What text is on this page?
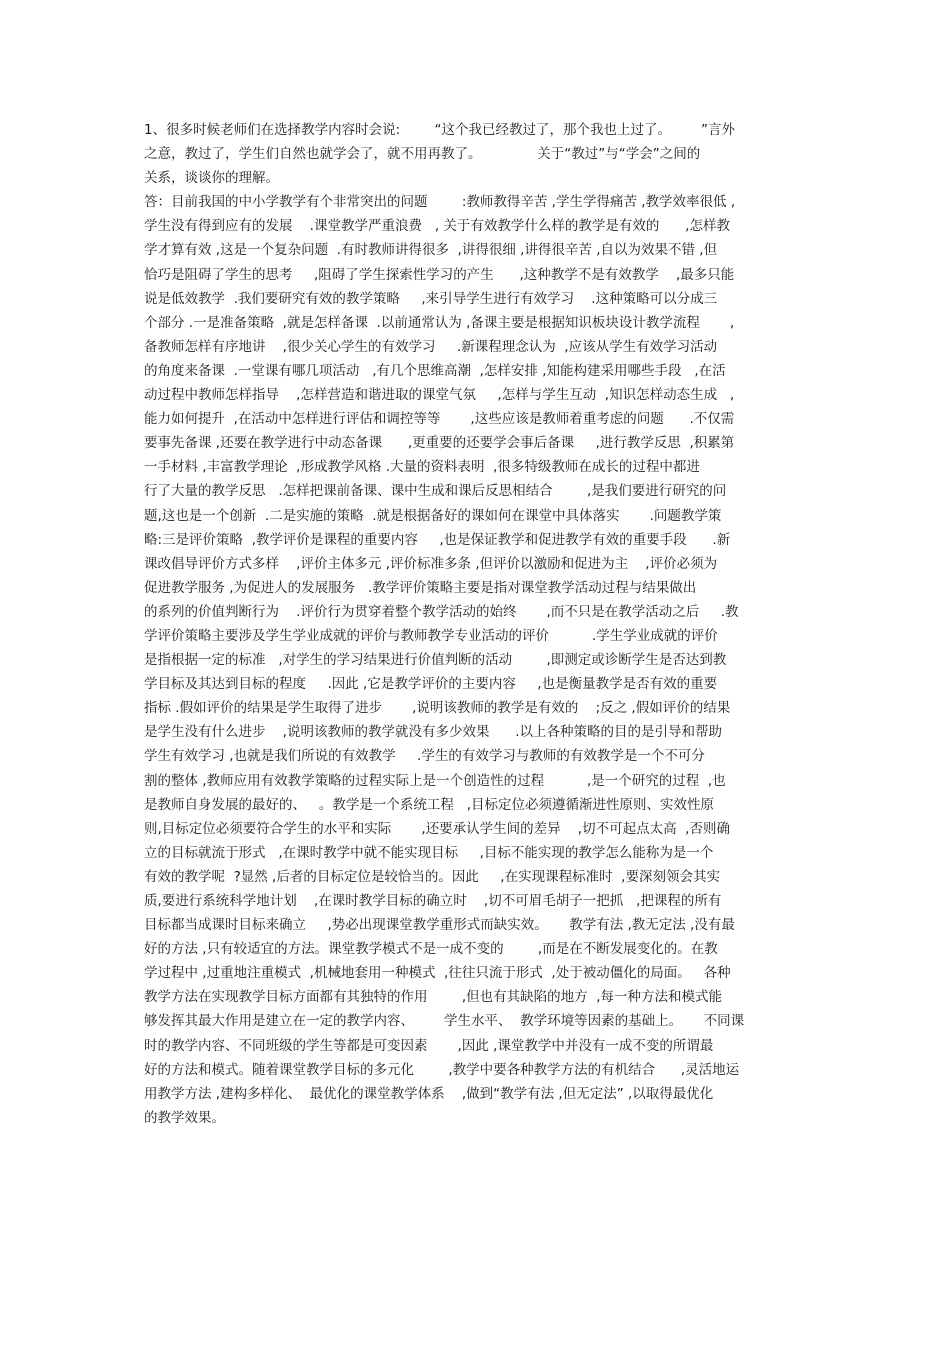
1、很多时候老师们在选择教学内容时会说:        “这个我已经教过了，那个我也上过了。       ”言外
之意，教过了，学生们自然也就学会了，就不用再教了。             关于“教过”与“学会”之间的
关系，谈谈你的理解。
答：目前我国的中小学教学有个非常突出的问题        :教师教得辛苦 ,学生学得痛苦 ,教学效率很低 ,
学生没有得到应有的发展    .课堂教学严重浪费   , 关于有效教学什么样的教学是有效的      ,怎样教
学才算有效 ,这是一个复杂问题  .有时教师讲得很多  ,讲得很细 ,讲得很辛苦 ,自以为效果不错 ,但
恰巧是阻碍了学生的思考     ,阻碍了学生探索性学习的产生      ,这种教学不是有效教学    ,最多只能
说是低效教学  .我们要研究有效的教学策略     ,来引导学生进行有效学习    .这种策略可以分成三
个部分 .一是准备策略  ,就是怎样备课  .以前通常认为 ,备课主要是根据知识板块设计教学流程       ,
备教师怎样有序地讲    ,很少关心学生的有效学习     .新课程理念认为  ,应该从学生有效学习活动
的角度来备课  .一堂课有哪几项活动   ,有几个思维高潮  ,怎样安排 ,知能构建采用哪些手段   ,在活
动过程中教师怎样指导    ,怎样营造和谐进取的课堂气氛     ,怎样与学生互动  ,知识怎样动态生成   ,
能力如何提升  ,在活动中怎样进行评估和调控等等       ,这些应该是教师着重考虑的问题      .不仅需
要事先备课 ,还要在教学进行中动态备课      ,更重要的还要学会事后备课     ,进行教学反思  ,积累第
一手材料 ,丰富教学理论  ,形成教学风格 .大量的资料表明  ,很多特级教师在成长的过程中都进
行了大量的教学反思   .怎样把课前备课、课中生成和课后反思相结合        ,是我们要进行研究的问
题,这也是一个创新  .二是实施的策略  .就是根据备好的课如何在课堂中具体落实       .问题教学策
略:三是评价策略  ,教学评价是课程的重要内容     ,也是保证教学和促进教学有效的重要手段      .新
课改倡导评价方式多样    ,评价主体多元 ,评价标准多条 ,但评价以激励和促进为主    ,评价必须为
促进教学服务 ,为促进人的发展服务   .教学评价策略主要是指对课堂教学活动过程与结果做出
的系列的价值判断行为    .评价行为贯穿着整个教学活动的始终       ,而不只是在教学活动之后     .教
学评价策略主要涉及学生学业成就的评价与教师教学专业活动的评价          .学生学业成就的评价
是指根据一定的标准   ,对学生的学习结果进行价值判断的活动        ,即测定或诊断学生是否达到教
学目标及其达到目标的程度     .因此 ,它是教学评价的主要内容     ,也是衡量教学是否有效的重要
指标 .假如评价的结果是学生取得了进步       ,说明该教师的教学是有效的    ;反之 ,假如评价的结果
是学生没有什么进步    ,说明该教师的教学就没有多少效果      .以上各种策略的目的是引导和帮助
学生有效学习 ,也就是我们所说的有效教学     .学生的有效学习与教师的有效教学是一个不可分
割的整体 ,教师应用有效教学策略的过程实际上是一个创造性的过程          ,是一个研究的过程  ,也
是教师自身发展的最好的、   。教学是一个系统工程   ,目标定位必须遵循渐进性原则、实效性原
则,目标定位必须要符合学生的水平和实际       ,还要承认学生间的差异    ,切不可起点太高  ,否则确
立的目标就流于形式   ,在课时教学中就不能实现目标     ,目标不能实现的教学怎么能称为是一个
有效的教学呢  ?显然 ,后者的目标定位是较恰当的。因此     ,在实现课程标准时  ,要深刻领会其实
质,要进行系统科学地计划    ,在课时教学目标的确立时    ,切不可眉毛胡子一把抓   ,把课程的所有
目标都当成课时目标来确立     ,势必出现课堂教学重形式而缺实效。     教学有法 ,教无定法 ,没有最
好的方法 ,只有较适宜的方法。课堂教学模式不是一成不变的        ,而是在不断发展变化的。在教
学过程中 ,过重地注重模式  ,机械地套用一种模式  ,往往只流于形式  ,处于被动僵化的局面。   各种
教学方法在实现教学目标方面都有其独特的作用        ,但也有其缺陷的地方  ,每一种方法和模式能
够发挥其最大作用是建立在一定的教学内容、       学生水平、  教学环境等因素的基础上。     不同课
时的教学内容、不同班级的学生等都是可变因素       ,因此 ,课堂教学中并没有一成不变的所谓最
好的方法和模式。随着课堂教学目标的多元化        ,教学中要各种教学方法的有机结合      ,灵活地运
用教学方法 ,建构多样化、  最优化的课堂教学体系    ,做到“教学有法 ,但无定法” ,以取得最优化
的教学效果。
